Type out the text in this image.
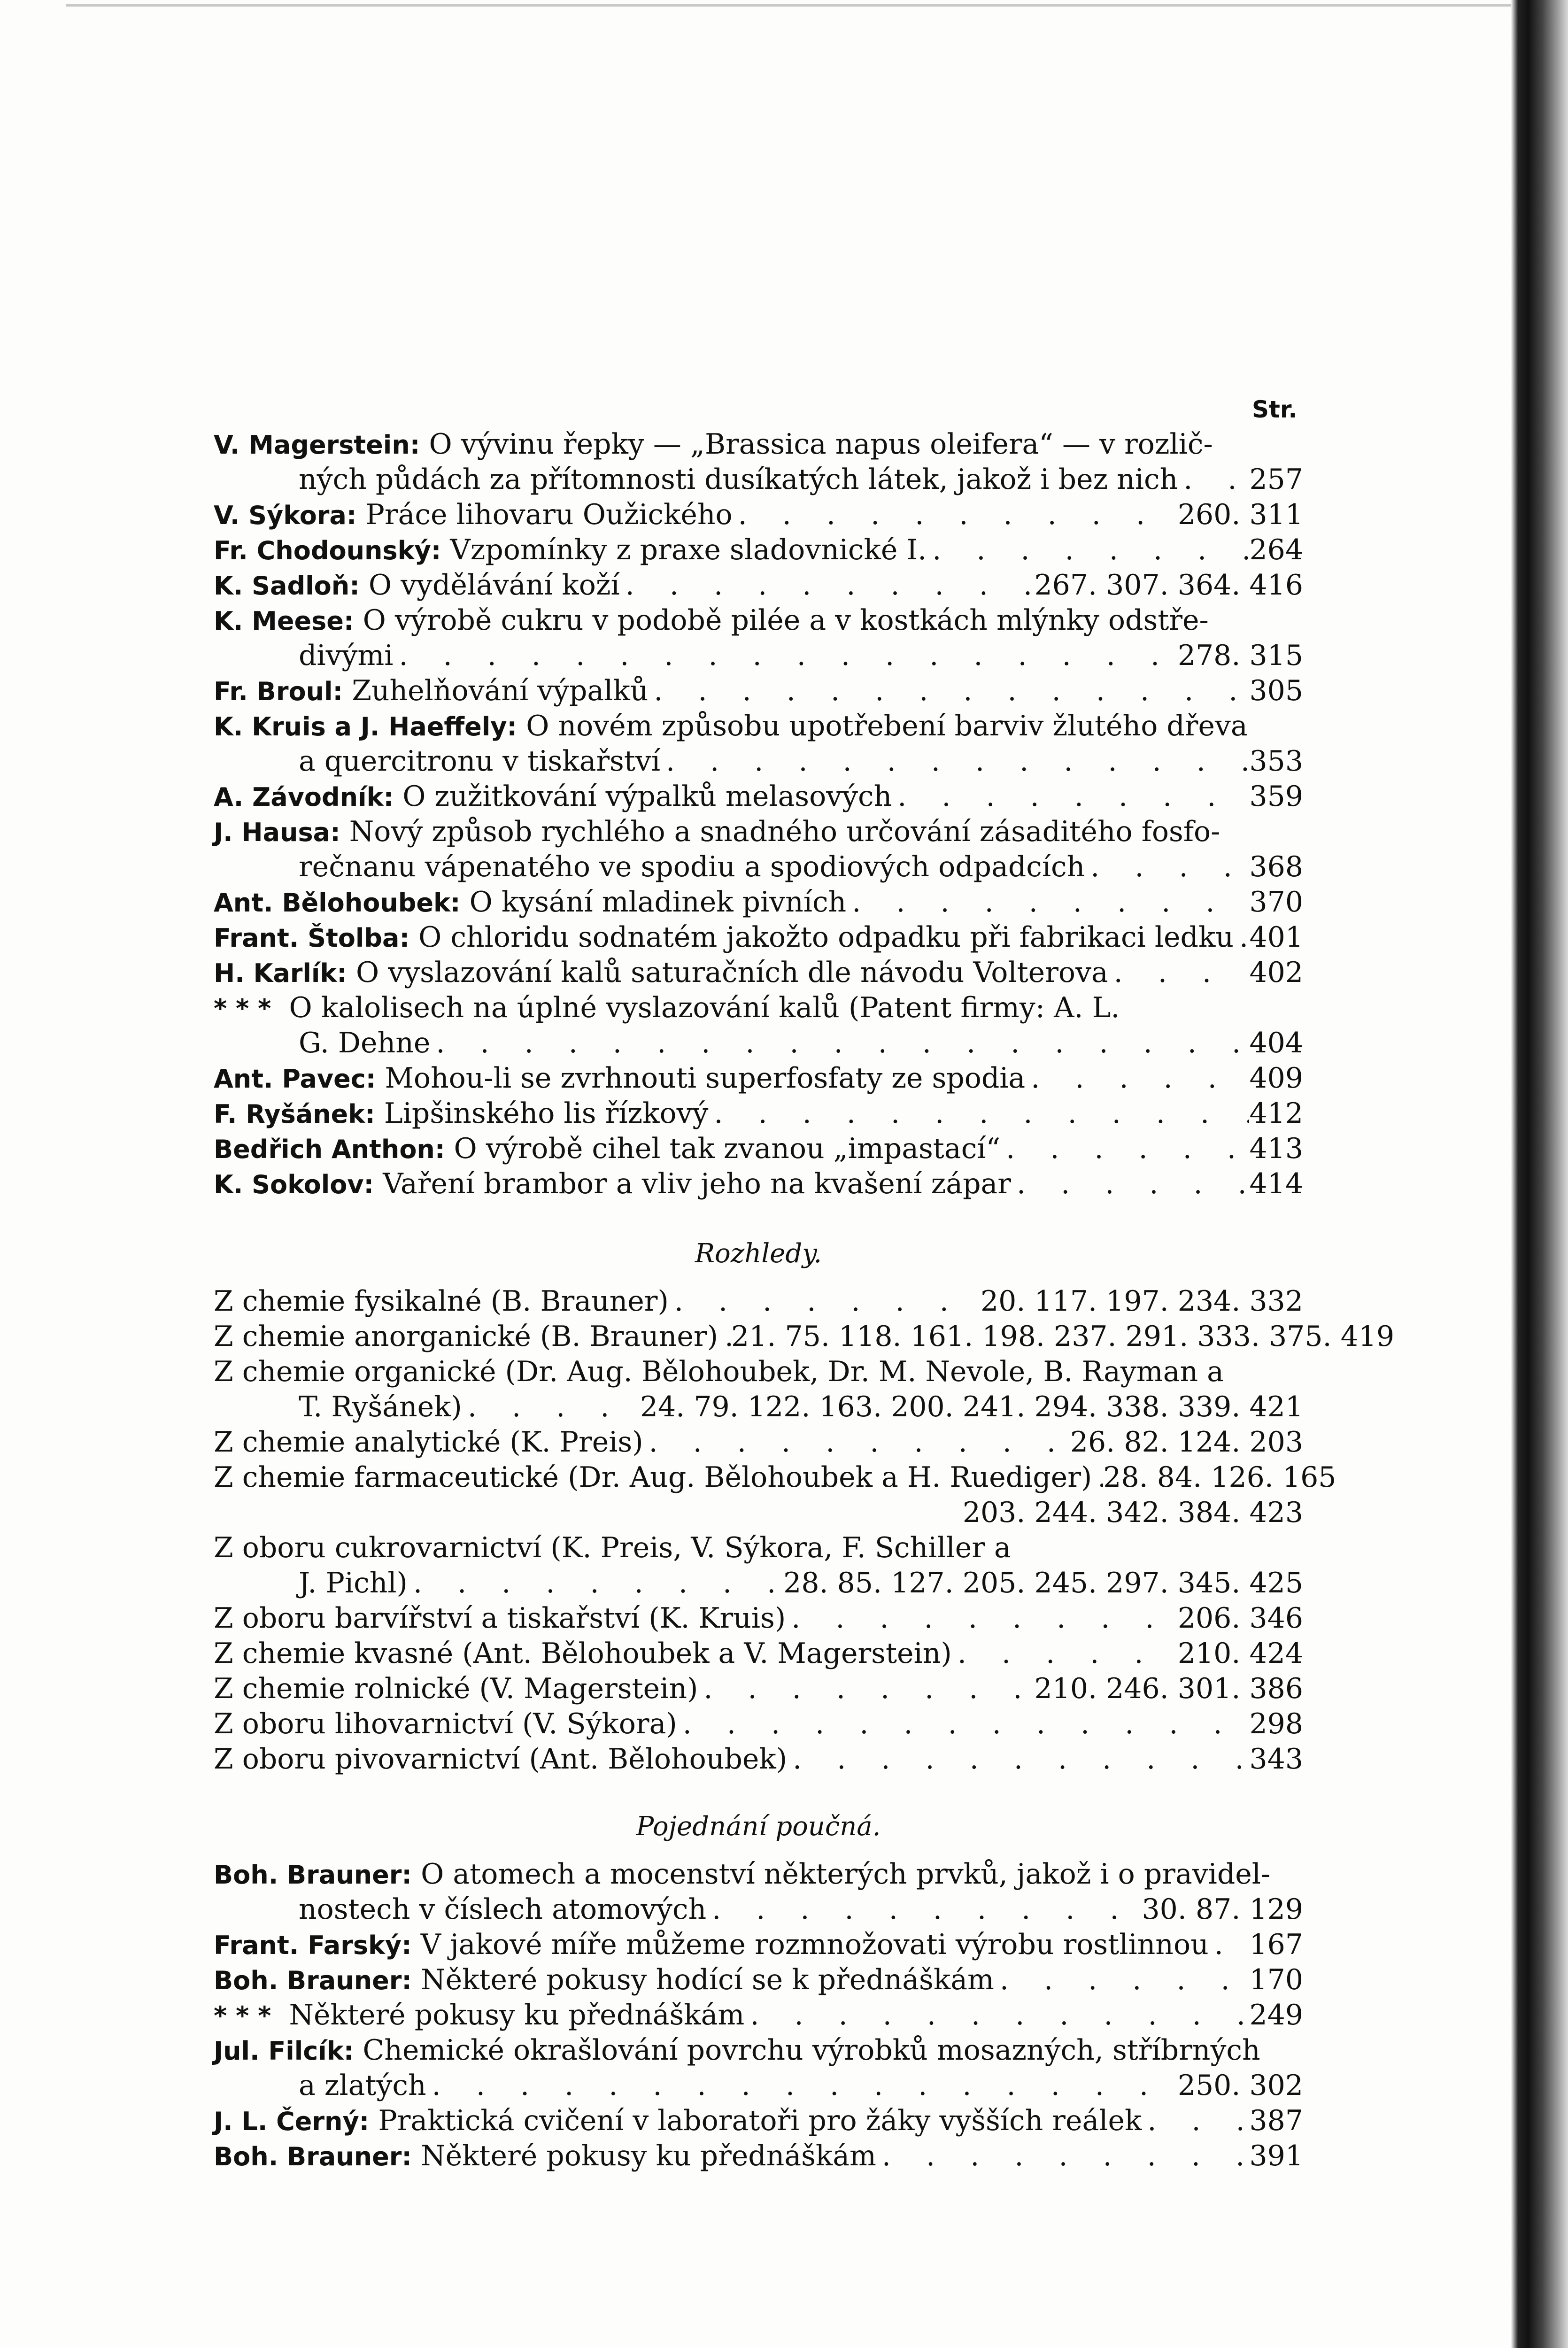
Str.
V. Magerstein:
O vývinu řepky — „Brassica napus oleifera“ — v rozlič-
ných půdách za přítomnosti dusíkatých látek, jakož i bez nich . . .	257
V. Sýkora:
Práce lihovaru Oužického . . .	260. 311
Fr. Chodounský:
Vzpomínky z praxe sladovnické I. . . .	264
K. Sadloň:
O vydělávání koží . . .	267. 307. 364. 416
K. Meese:
O výrobě cukru v podobě pilée a v kostkách mlýnky odstře-
divými . . .	278. 315
Fr. Broul:
Zuhelňování výpalků . . .	305
K. Kruis a J. Haeffely:
O novém způsobu upotřebení barviv žlutého dřeva
a quercitronu v tiskařství . . .	353
A. Závodník:
O zužitkování výpalků melasových . . .	359
J. Hausa:
Nový způsob rychlého a snadného určování zásaditého fosfo-
rečnanu vápenatého ve spodiu a spodiových odpadcích . . .	368
Ant. Bělohoubek:
O kysání mladinek pivních . . .	370
Frant. Štolba:
O chloridu sodnatém jakožto odpadku při fabrikaci ledku . . . 401
H. Karlík:
O vyslazování kalů saturačních dle návodu Volterova . . .	402
* * *
O kalolisech na úplné vyslazování kalů (Patent firmy: A. L.
G. Dehne . . .	404
Ant. Pavec:
Mohou-li se zvrhnouti superfosfaty ze spodia . . .	409
F. Ryšánek:
Lipšinského lis řízkový . . .	412
Bedřich Anthon:
O výrobě cihel tak zvanou „impastací“ . . .	413
K. Sokolov:
Vaření brambor a vliv jeho na kvašení zápar . . .	414
Rozhledy.
Z chemie fysikalné (B. Brauner) . . .	20. 117. 197. 234. 332
Z chemie anorganické (B. Brauner) . . . 21. 75. 118. 161. 198. 237. 291. 333. 375. 419
Z chemie organické (Dr. Aug. Bělohoubek, Dr. M. Nevole, B. Rayman a
T. Ryšánek) . . .	24. 79. 122. 163. 200. 241. 294. 338. 339. 421
Z chemie analytické (K. Preis) . . .	26. 82. 124. 203
Z chemie farmaceutické (Dr. Aug. Bělohoubek a H. Ruediger) . . . 28. 84. 126. 165
203. 244. 342. 384. 423
Z oboru cukrovarnictví (K. Preis, V. Sýkora, F. Schiller a
J. Pichl) . . .	28. 85. 127. 205. 245. 297. 345. 425
Z oboru barvířství a tiskařství (K. Kruis) . . .	206. 346
Z chemie kvasné (Ant. Bělohoubek a V. Magerstein) . . .	210. 424
Z chemie rolnické (V. Magerstein) . . .	210. 246. 301. 386
Z oboru lihovarnictví (V. Sýkora) . . .	298
Z oboru pivovarnictví (Ant. Bělohoubek) . . .	343
Pojednání poučná.
Boh. Brauner:
O atomech a mocenství některých prvků, jakož i o pravidel-
nostech v číslech atomových . . .	30. 87. 129
Frant. Farský:
V jakové míře můžeme rozmnožovati výrobu rostlinnou . . . 167
Boh. Brauner:
Některé pokusy hodící se k přednáškám . . .	170
* * *
Některé pokusy ku přednáškám . . .	249
Jul. Filcík:
Chemické okrašlování povrchu výrobků mosazných, stříbrných
a zlatých . . .	250. 302
J. L. Černý:
Praktická cvičení v laboratoři pro žáky vyšších reálek . . .	387
Boh. Brauner:
Některé pokusy ku přednáškám . . .	391
